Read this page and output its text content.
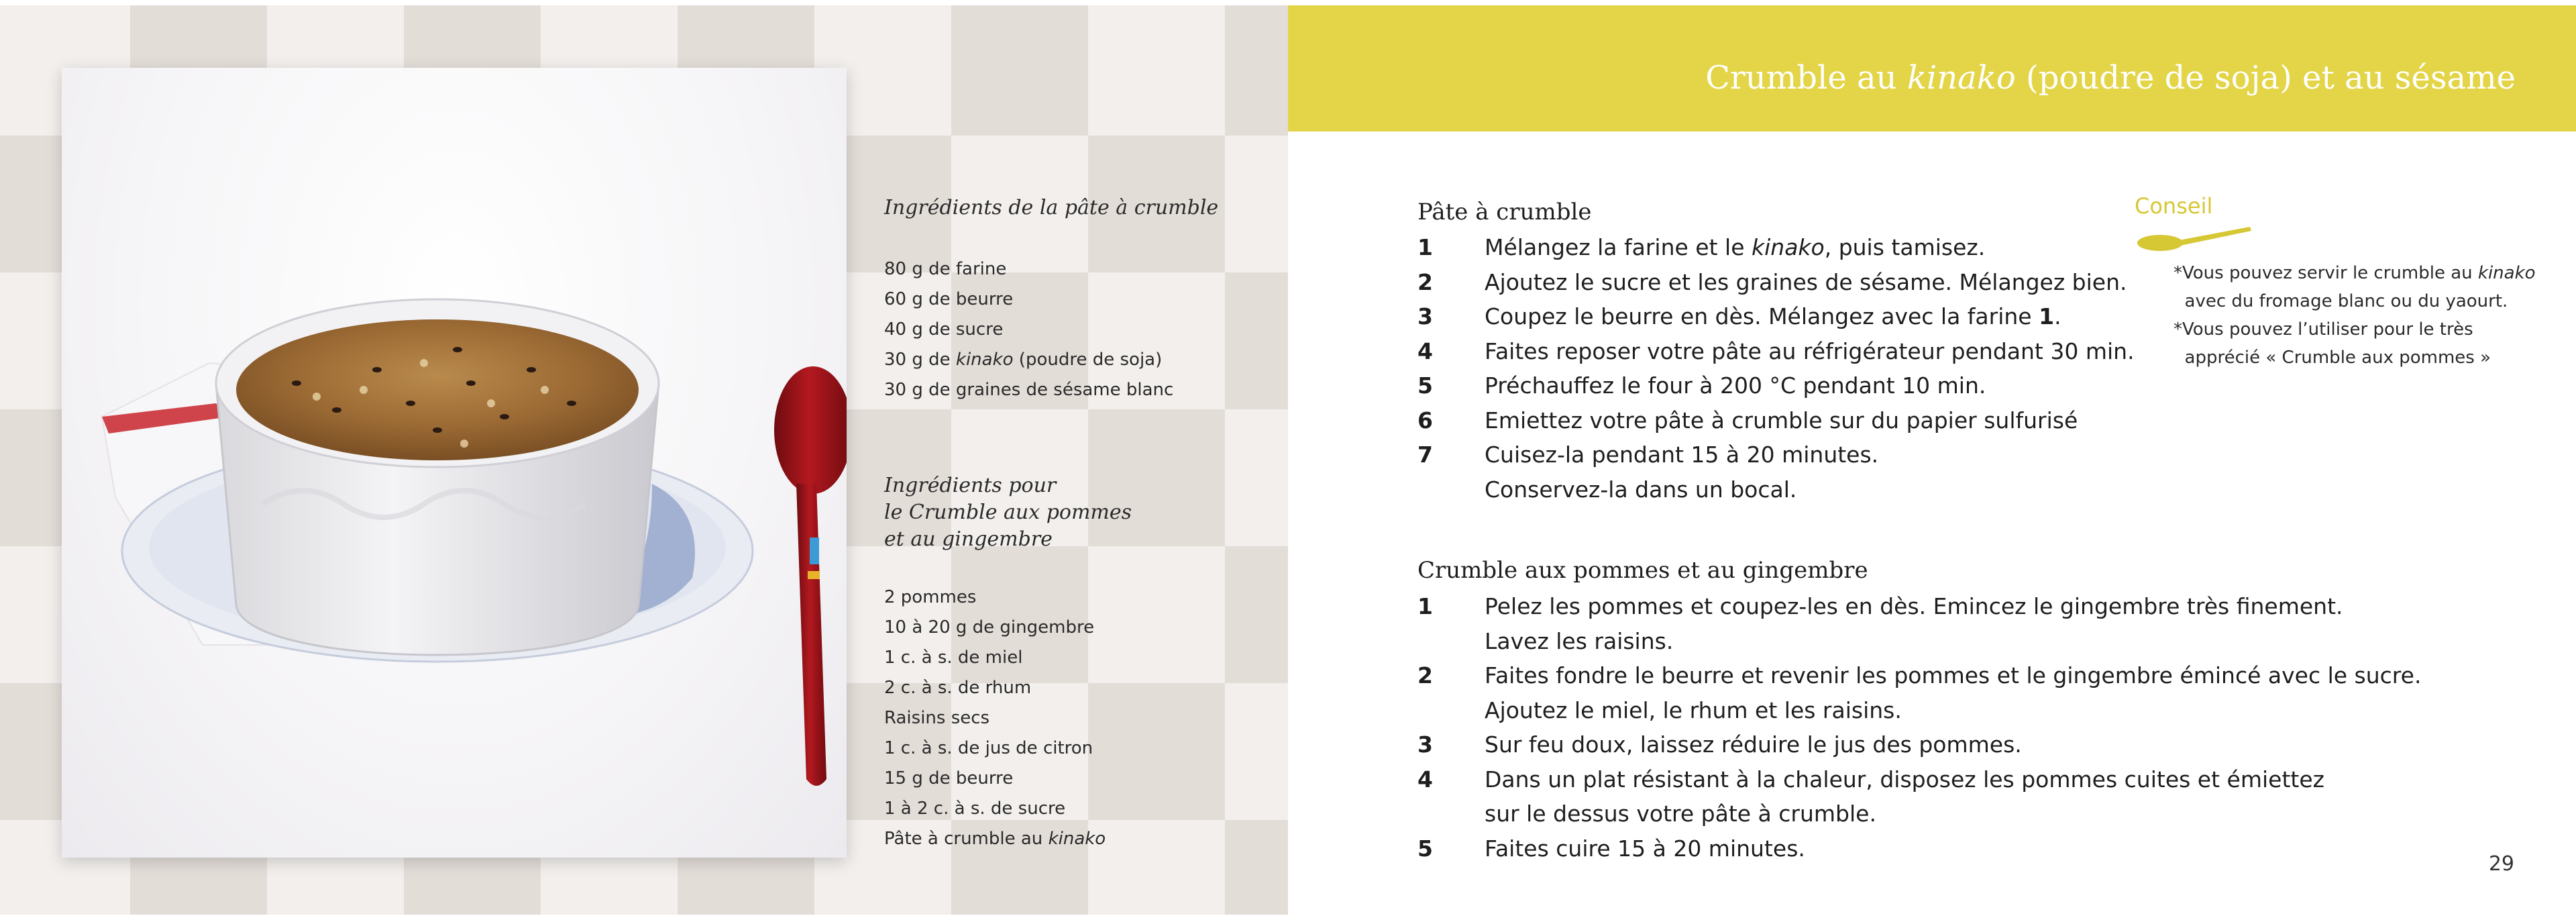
Ingrédients de la pâte à crumble
80 g de farine
60 g de beurre
40 g de sucre
30 g de kinako (poudre de soja)
30 g de graines de sésame blanc
Ingrédients pour
le Crumble aux pommes
et au gingembre
2 pommes
10 à 20 g de gingembre
1 c. à s. de miel
2 c. à s. de rhum
Raisins secs
1 c. à s. de jus de citron
15 g de beurre
1 à 2 c. à s. de sucre
Pâte à crumble au kinako
Crumble au kinako (poudre de soja) et au sésame
Pâte à crumble
1 Mélangez la farine et le kinako, puis tamisez.
2 Ajoutez le sucre et les graines de sésame. Mélangez bien.
3 Coupez le beurre en dès. Mélangez avec la farine 1.
4 Faites reposer votre pâte au réfrigérateur pendant 30 min.
5 Préchauffez le four à 200 °C pendant 10 min.
6 Emiettez votre pâte à crumble sur du papier sulfurisé
7 Cuisez-la pendant 15 à 20 minutes.
Conservez-la dans un bocal.
Crumble aux pommes et au gingembre
1 Pelez les pommes et coupez-les en dès. Emincez le gingembre très finement.
Lavez les raisins.
2 Faites fondre le beurre et revenir les pommes et le gingembre émincé avec le sucre.
Ajoutez le miel, le rhum et les raisins.
3 Sur feu doux, laissez réduire le jus des pommes.
4 Dans un plat résistant à la chaleur, disposez les pommes cuites et émiettez
sur le dessus votre pâte à crumble.
5 Faites cuire 15 à 20 minutes.
Conseil
*Vous pouvez servir le crumble au kinako
avec du fromage blanc ou du yaourt.
*Vous pouvez l’utiliser pour le très
apprécié « Crumble aux pommes »
29
